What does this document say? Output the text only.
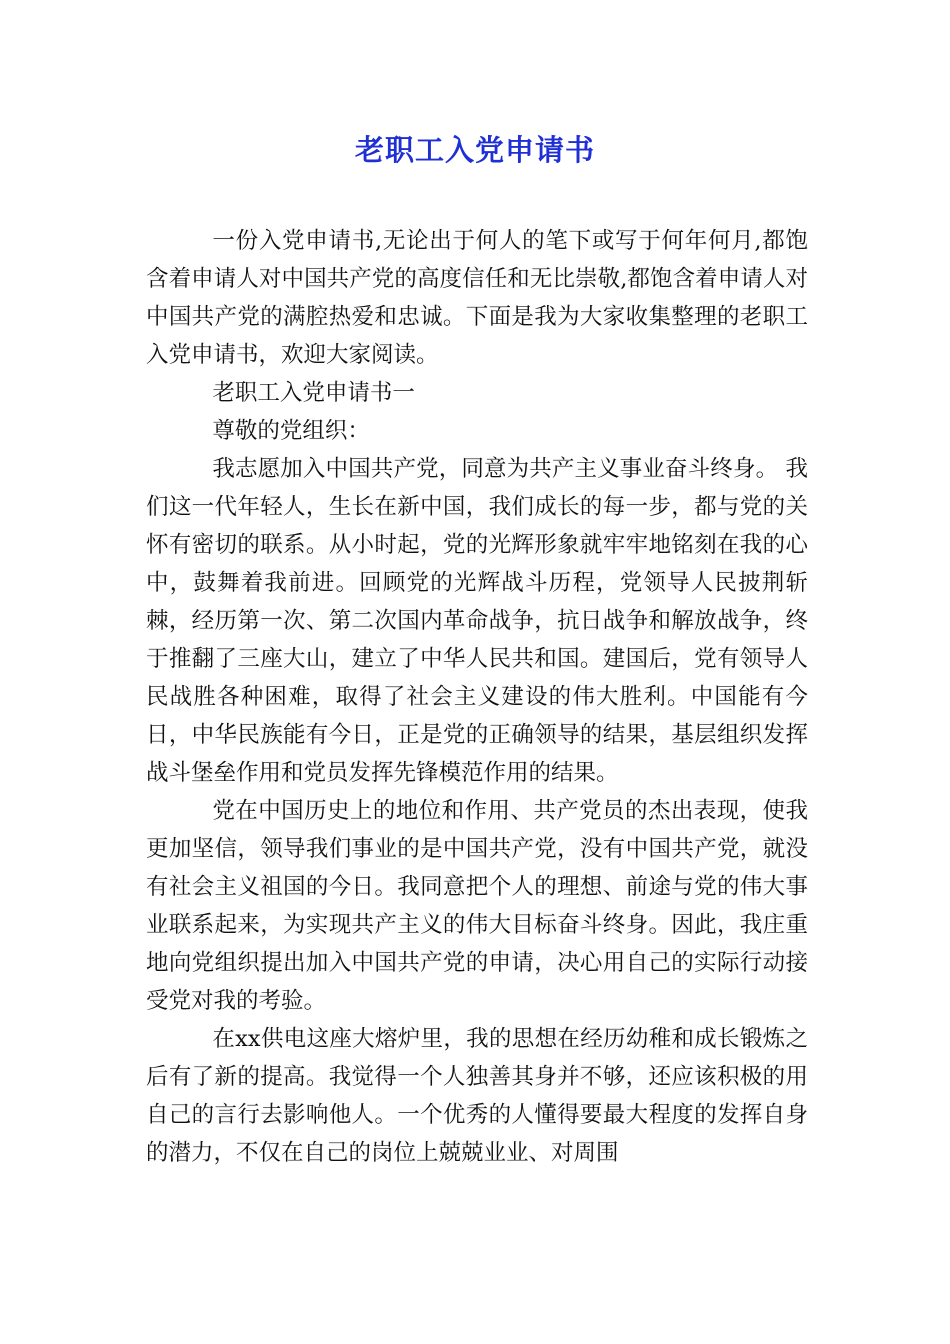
老职工入党申请书

一份入党申请书,无论出于何人的笔下或写于何年何月,都饱含着申请人对中国共产党的高度信任和无比崇敬,都饱含着申请人对中国共产党的满腔热爱和忠诚。下面是我为大家收集整理的老职工入党申请书，欢迎大家阅读。

老职工入党申请书一

尊敬的党组织：

我志愿加入中国共产党，同意为共产主义事业奋斗终身。 我们这一代年轻人，生长在新中国，我们成长的每一步，都与党的关怀有密切的联系。从小时起，党的光辉形象就牢牢地铭刻在我的心中，鼓舞着我前进。回顾党的光辉战斗历程，党领导人民披荆斩棘，经历第一次、第二次国内革命战争，抗日战争和解放战争，终于推翻了三座大山，建立了中华人民共和国。建国后，党有领导人民战胜各种困难，取得了社会主义建设的伟大胜利。中国能有今日，中华民族能有今日，正是党的正确领导的结果，基层组织发挥战斗堡垒作用和党员发挥先锋模范作用的结果。

党在中国历史上的地位和作用、共产党员的杰出表现，使我更加坚信，领导我们事业的是中国共产党，没有中国共产党，就没有社会主义祖国的今日。我同意把个人的理想、前途与党的伟大事业联系起来，为实现共产主义的伟大目标奋斗终身。因此，我庄重地向党组织提出加入中国共产党的申请，决心用自己的实际行动接受党对我的考验。

在xx供电这座大熔炉里，我的思想在经历幼稚和成长锻炼之后有了新的提高。我觉得一个人独善其身并不够，还应该积极的用自己的言行去影响他人。一个优秀的人懂得要最大程度的发挥自身的潜力，不仅在自己的岗位上兢兢业业、对周围
